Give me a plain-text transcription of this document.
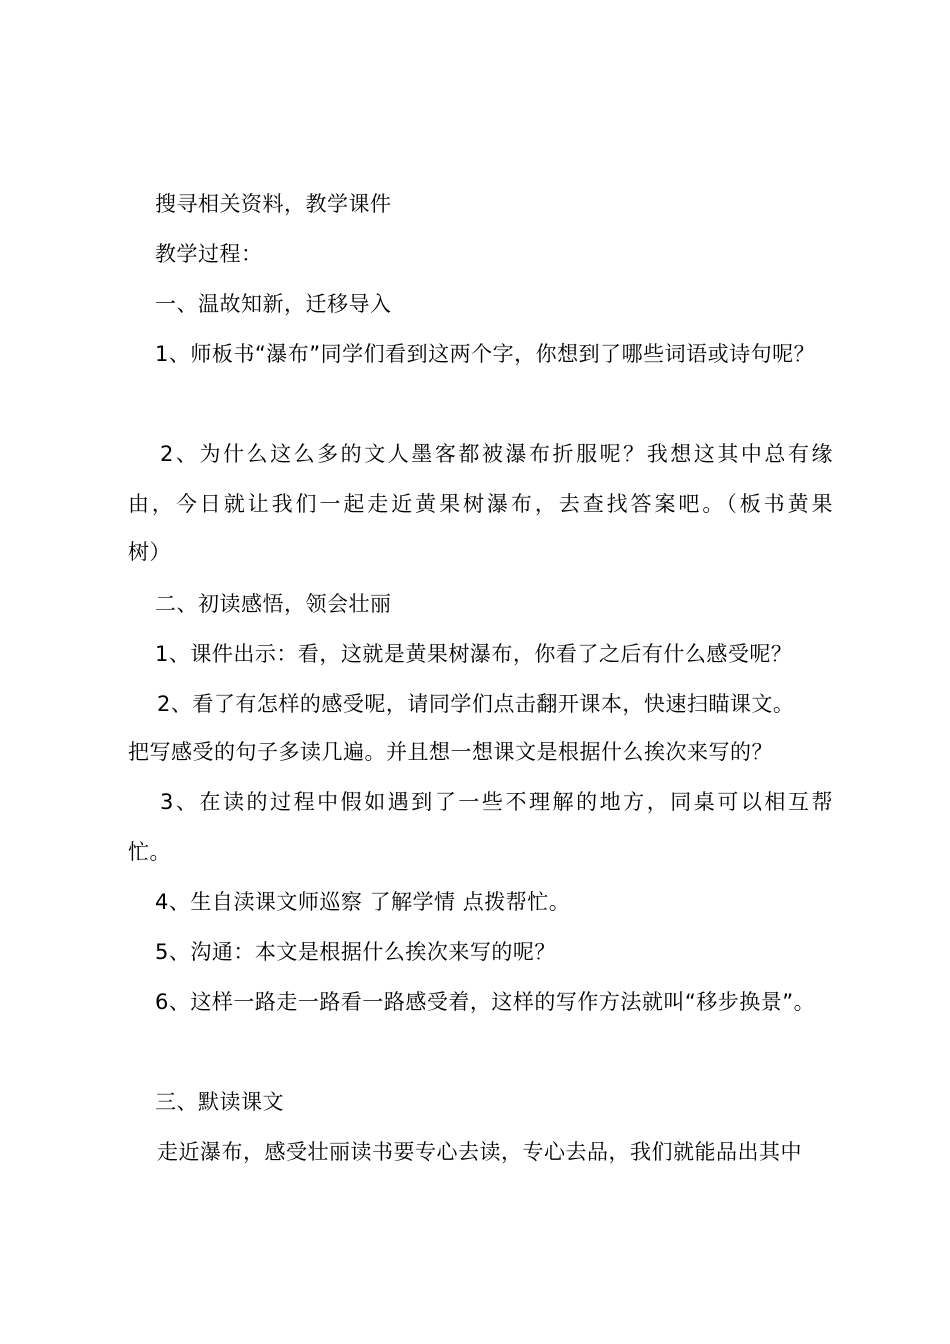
搜寻相关资料，教学课件
教学过程：
一、温故知新，迁移导入
1、师板书“瀑布”同学们看到这两个字，你想到了哪些词语或诗句呢？
2、为什么这么多的文人墨客都被瀑布折服呢？我想这其中总有缘
由，今日就让我们一起走近黄果树瀑布，去查找答案吧。（板书黄果
树）
二、初读感悟，领会壮丽
1、课件出示：看，这就是黄果树瀑布，你看了之后有什么感受呢？
2、看了有怎样的感受呢，请同学们点击翻开课本，快速扫瞄课文。
把写感受的句子多读几遍。并且想一想课文是根据什么挨次来写的？
3、在读的过程中假如遇到了一些不理解的地方，同桌可以相互帮
忙。
4、生自渎课文师巡察 了解学情 点拨帮忙。
5、沟通：本文是根据什么挨次来写的呢？
6、这样一路走一路看一路感受着，这样的写作方法就叫“移步换景”。
三、默读课文
走近瀑布，感受壮丽读书要专心去读，专心去品，我们就能品出其中
